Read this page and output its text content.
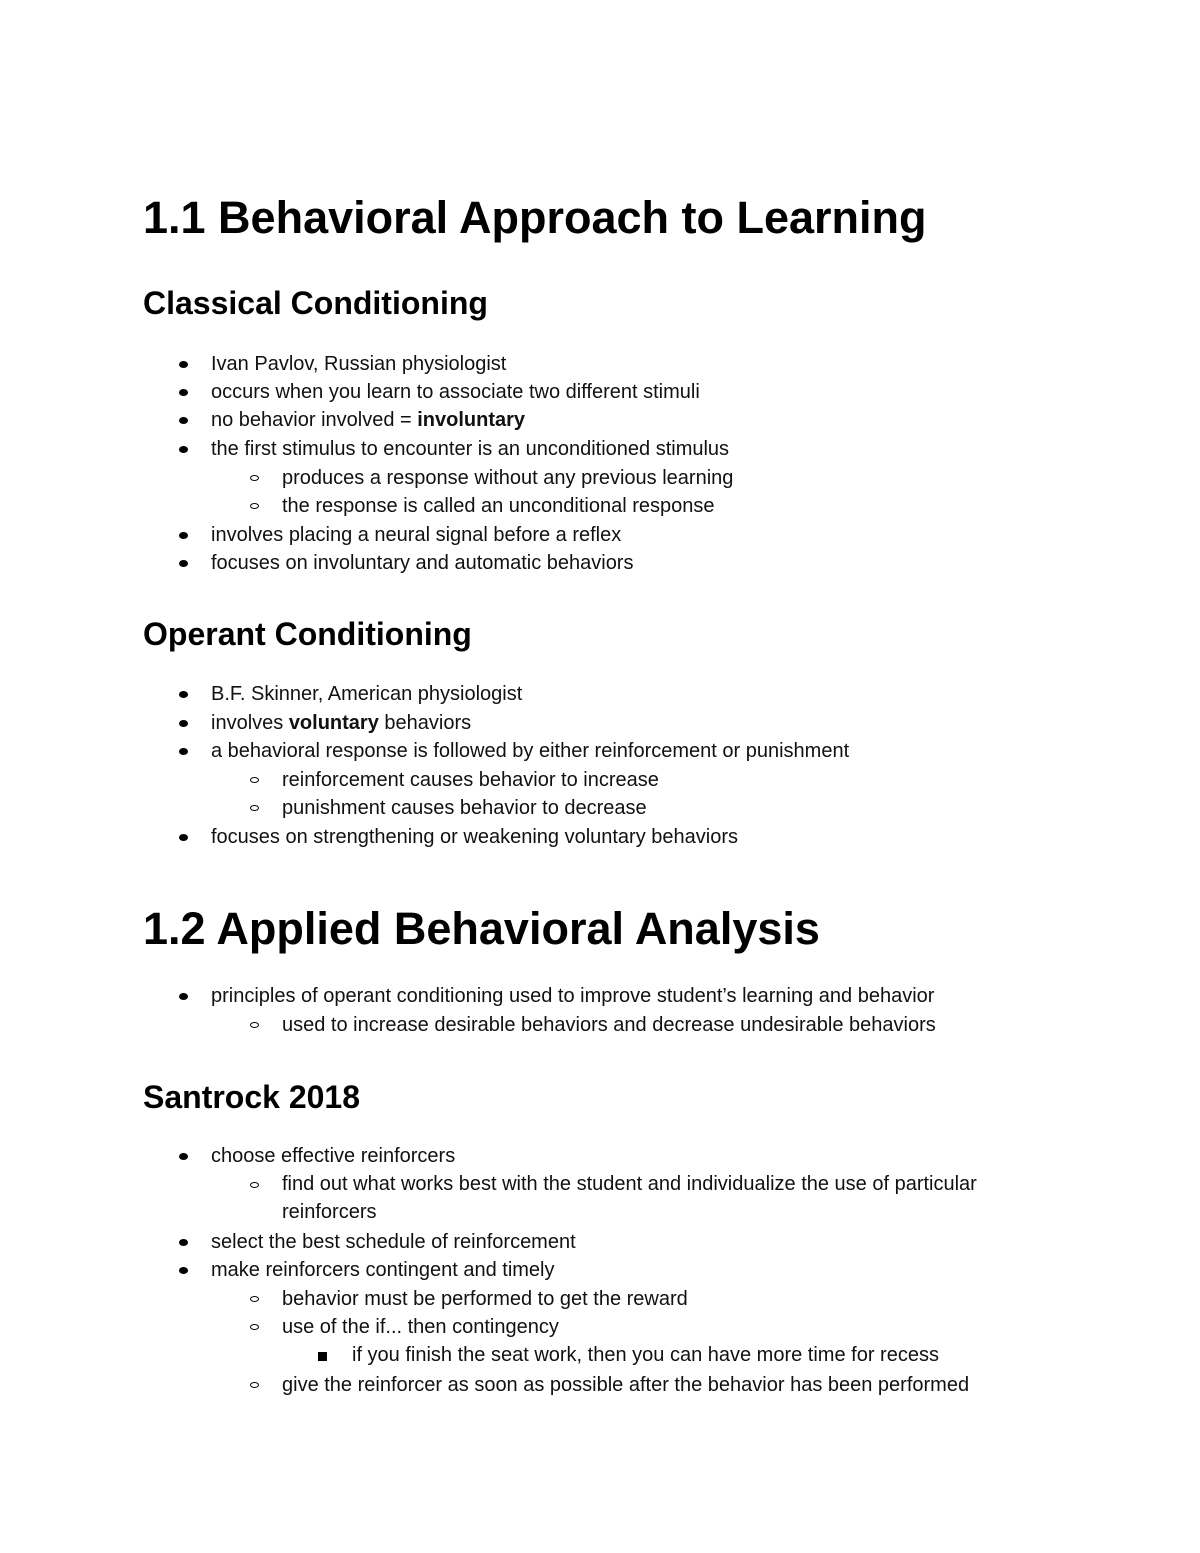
1.1 Behavioral Approach to Learning
Classical Conditioning
Ivan Pavlov, Russian physiologist
occurs when you learn to associate two different stimuli
no behavior involved = involuntary
the first stimulus to encounter is an unconditioned stimulus
produces a response without any previous learning
the response is called an unconditional response
involves placing a neural signal before a reflex
focuses on involuntary and automatic behaviors
Operant Conditioning
B.F. Skinner, American physiologist
involves voluntary behaviors
a behavioral response is followed by either reinforcement or punishment
reinforcement causes behavior to increase
punishment causes behavior to decrease
focuses on strengthening or weakening voluntary behaviors
1.2 Applied Behavioral Analysis
principles of operant conditioning used to improve student’s learning and behavior
used to increase desirable behaviors and decrease undesirable behaviors
Santrock 2018
choose effective reinforcers
find out what works best with the student and individualize the use of particular
reinforcers
select the best schedule of reinforcement
make reinforcers contingent and timely
behavior must be performed to get the reward
use of the if... then contingency
if you finish the seat work, then you can have more time for recess
give the reinforcer as soon as possible after the behavior has been performed
